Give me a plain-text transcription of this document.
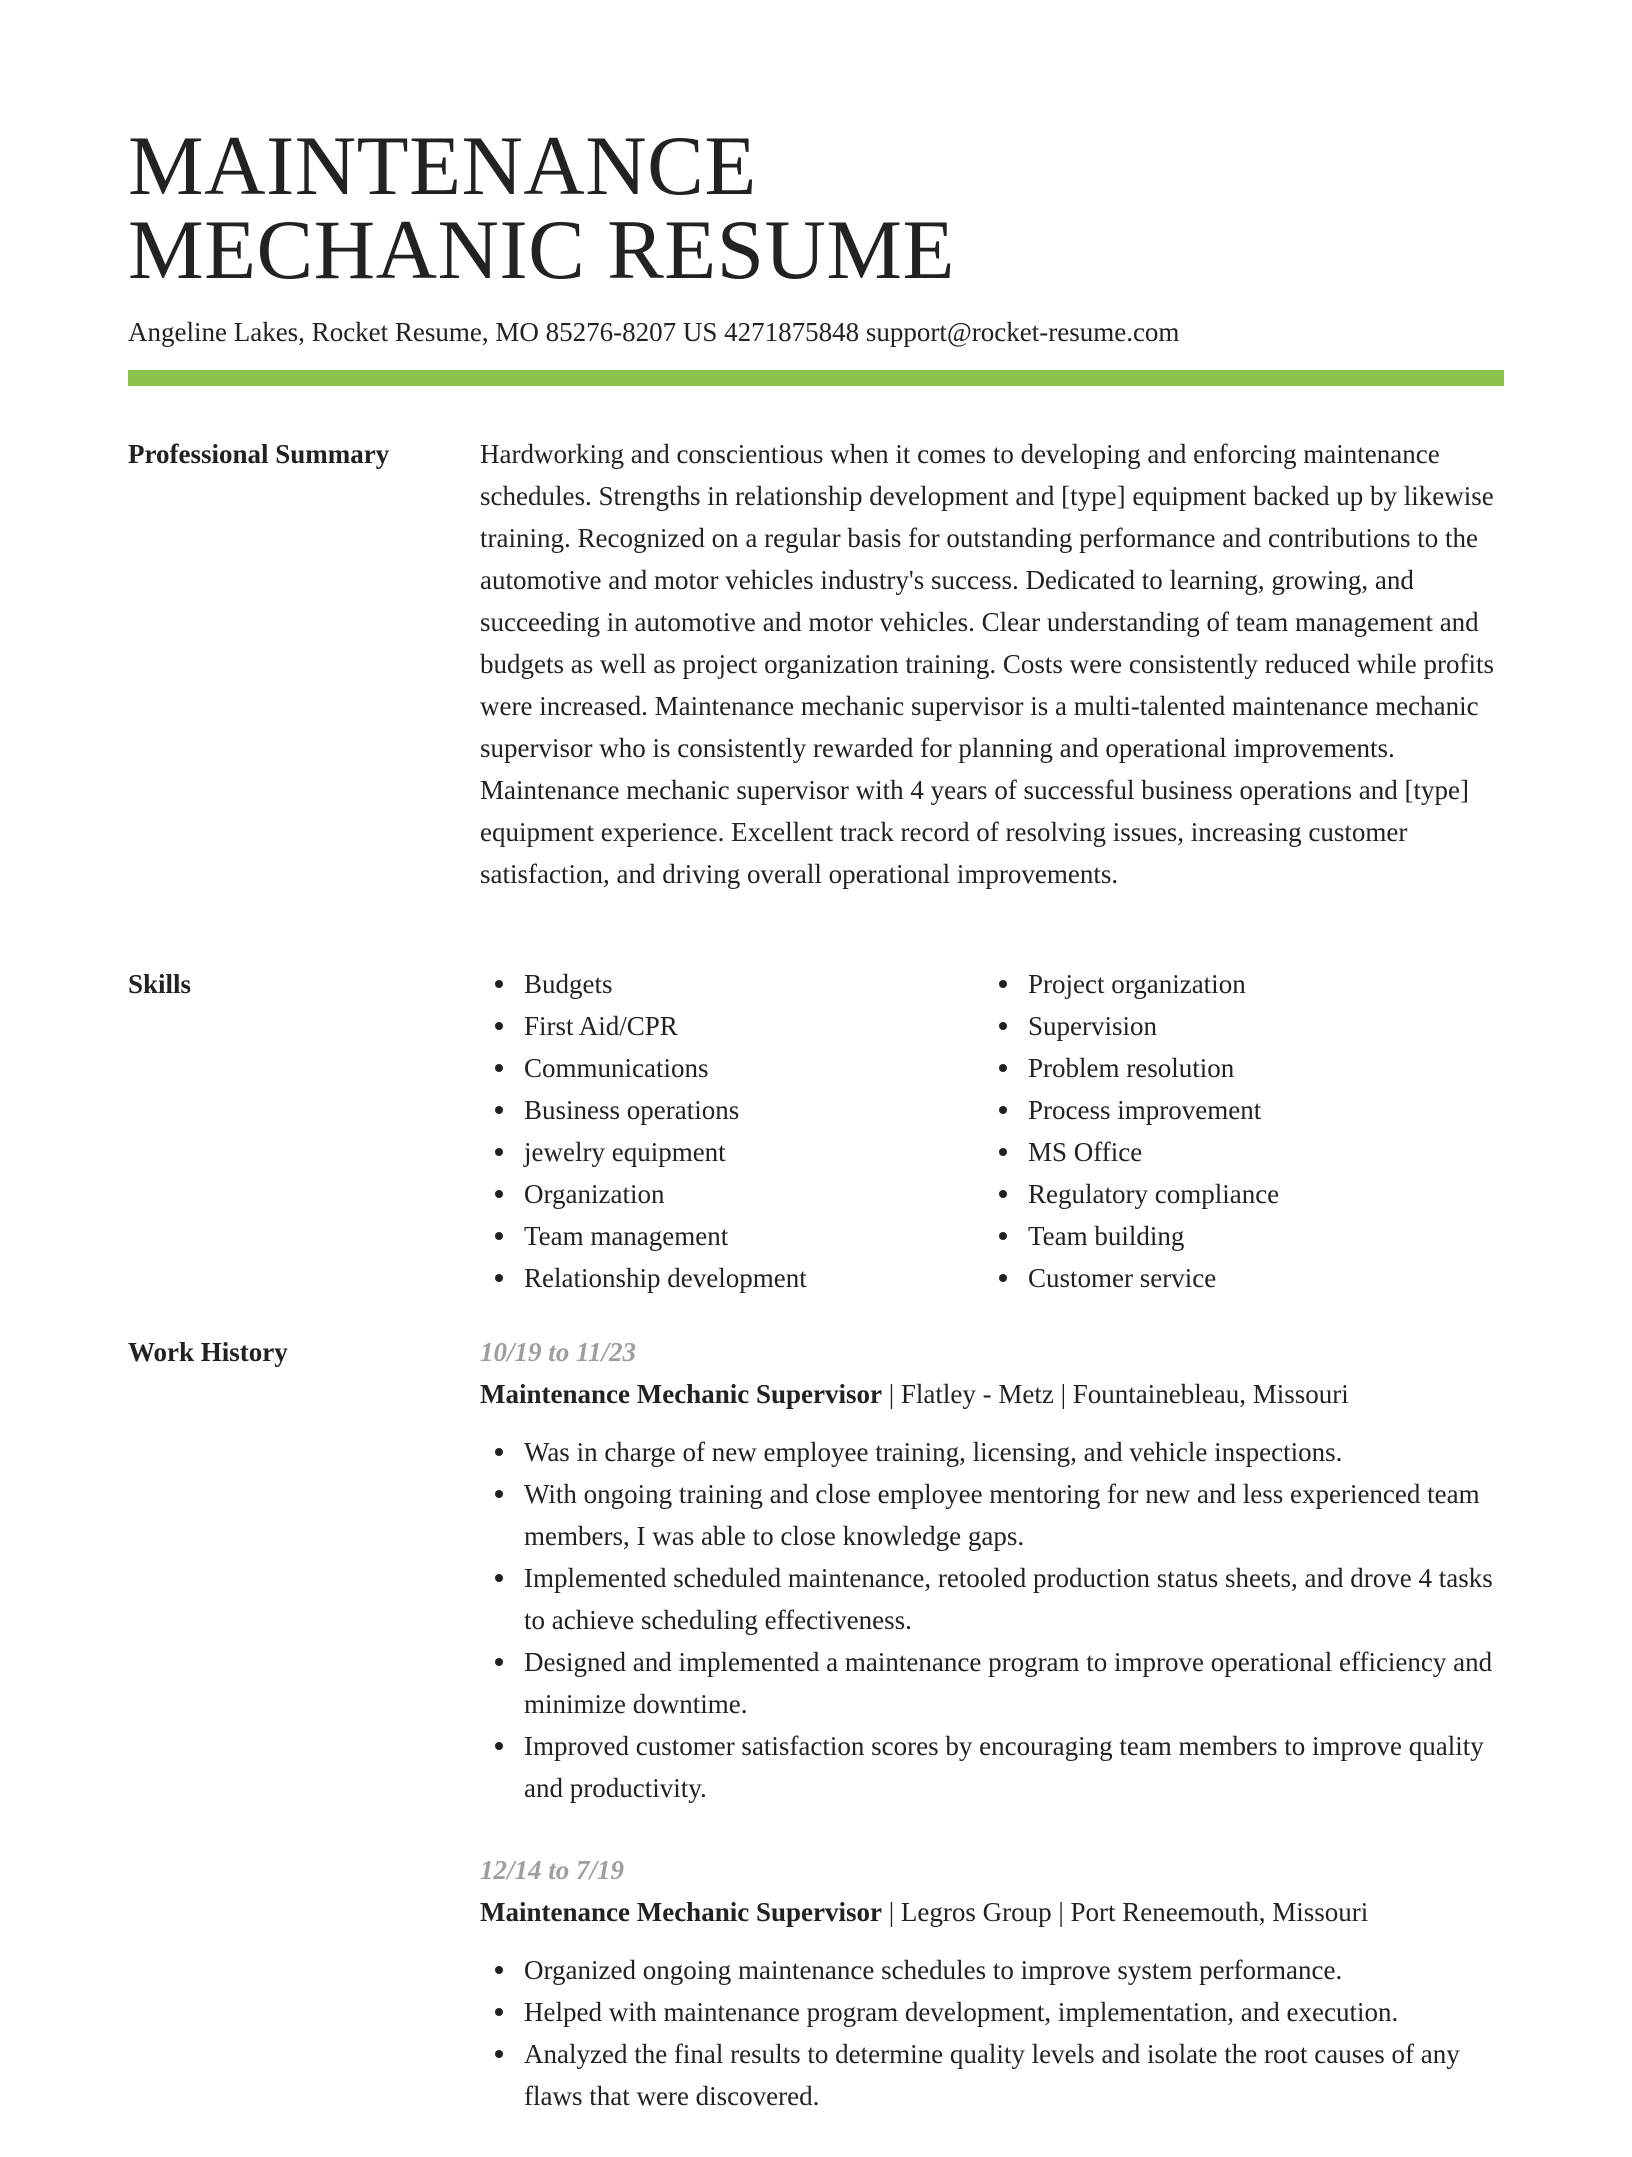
MAINTENANCE
MECHANIC RESUME
Angeline Lakes, Rocket Resume, MO 85276-8207 US 4271875848 support@rocket-resume.com
Professional Summary	Hardworking and conscientious when it comes to developing and enforcing maintenance schedules. Strengths in relationship development and [type] equipment backed up by likewise training. Recognized on a regular basis for outstanding performance and contributions to the automotive and motor vehicles industry's success. Dedicated to learning, growing, and succeeding in automotive and motor vehicles. Clear understanding of team management and budgets as well as project organization training. Costs were consistently reduced while profits were increased. Maintenance mechanic supervisor is a multi-talented maintenance mechanic supervisor who is consistently rewarded for planning and operational improvements. Maintenance mechanic supervisor with 4 years of successful business operations and [type] equipment experience. Excellent track record of resolving issues, increasing customer satisfaction, and driving overall operational improvements.

Skills	Budgets
First Aid/CPR
Communications
Business operations
jewelry equipment
Organization
Team management
Relationship development
Project organization
Supervision
Problem resolution
Process improvement
MS Office
Regulatory compliance
Team building
Customer service
Work History	10/19 to 11/23
Maintenance Mechanic Supervisor | Flatley - Metz | Fountainebleau, Missouri
Was in charge of new employee training, licensing, and vehicle inspections.
With ongoing training and close employee mentoring for new and less experienced team members, I was able to close knowledge gaps.
Implemented scheduled maintenance, retooled production status sheets, and drove 4 tasks to achieve scheduling effectiveness.
Designed and implemented a maintenance program to improve operational efficiency and minimize downtime.
Improved customer satisfaction scores by encouraging team members to improve quality and productivity.
12/14 to 7/19
Maintenance Mechanic Supervisor | Legros Group | Port Reneemouth, Missouri
Organized ongoing maintenance schedules to improve system performance.
Helped with maintenance program development, implementation, and execution.
Analyzed the final results to determine quality levels and isolate the root causes of any flaws that were discovered.
